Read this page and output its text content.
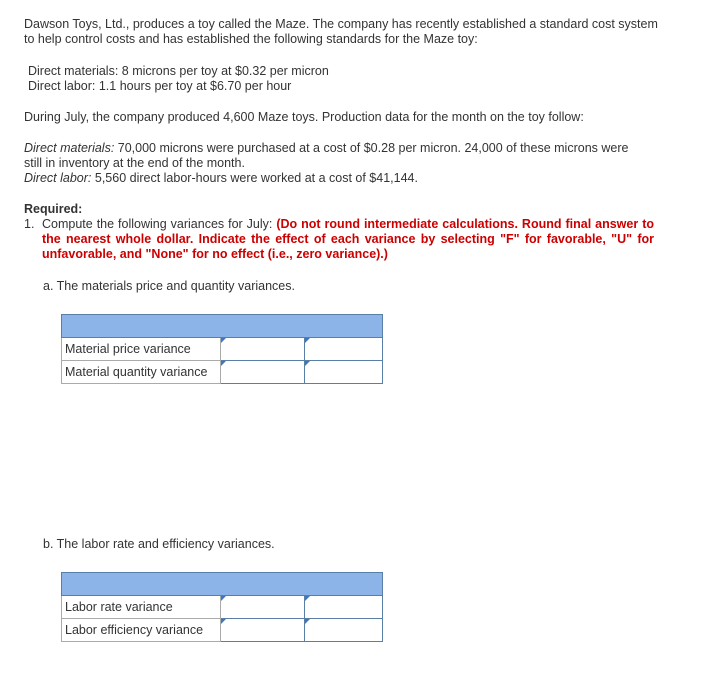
Dawson Toys, Ltd., produces a toy called the Maze. The company has recently established a standard cost system to help control costs and has established the following standards for the Maze toy:

Direct materials: 8 microns per toy at $0.32 per micron
Direct labor: 1.1 hours per toy at $6.70 per hour

During July, the company produced 4,600 Maze toys. Production data for the month on the toy follow:

Direct materials: 70,000 microns were purchased at a cost of $0.28 per micron. 24,000 of these microns were still in inventory at the end of the month.
Direct labor: 5,560 direct labor-hours were worked at a cost of $41,144.
Required:
1. Compute the following variances for July: (Do not round intermediate calculations. Round final answer to the nearest whole dollar. Indicate the effect of each variance by selecting "F" for favorable, "U" for unfavorable, and "None" for no effect (i.e., zero variance).)

a. The materials price and quantity variances.

Material price variance		
Material quantity variance		

b. The labor rate and efficiency variances.

Labor rate variance		
Labor efficiency variance		
